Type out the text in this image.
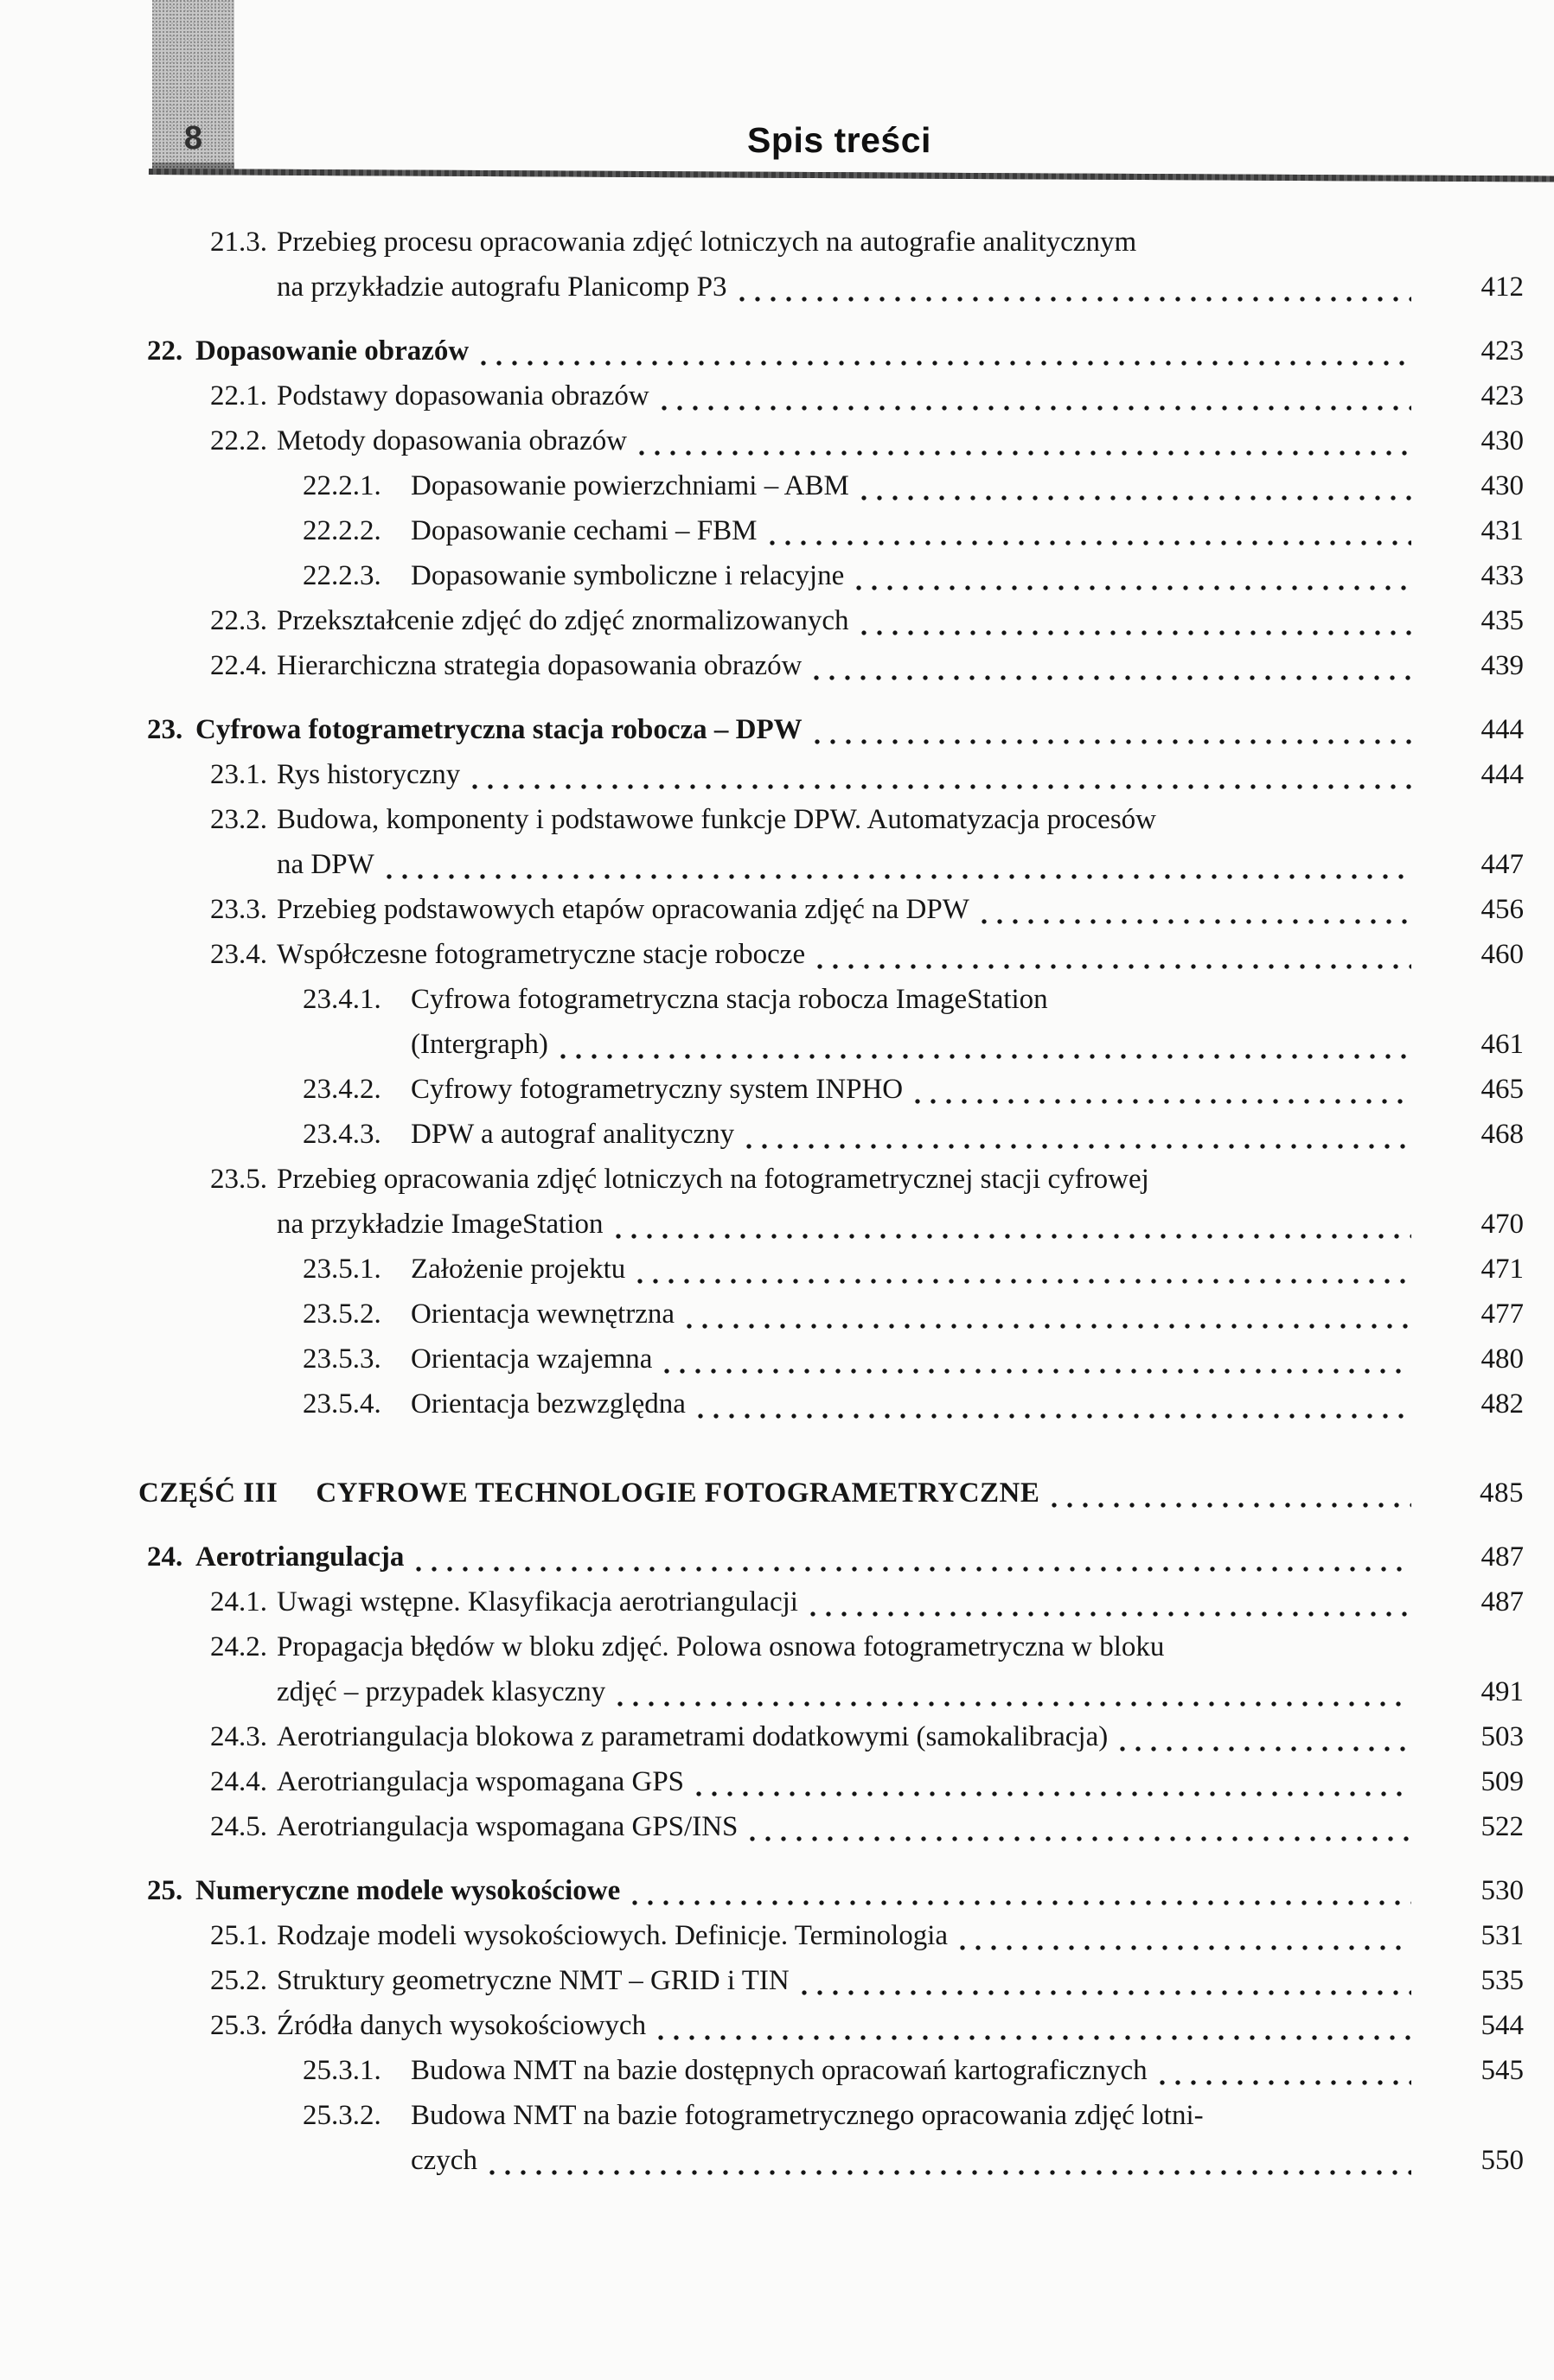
8	Spis treści
21.3. Przebieg procesu opracowania zdjęć lotniczych na autografie analitycznym
na przykładzie autografu Planicomp P3	412
22. Dopasowanie obrazów	423
22.1. Podstawy dopasowania obrazów	423
22.2. Metody dopasowania obrazów	430
22.2.1.	Dopasowanie powierzchniami – ABM	430
22.2.2.	Dopasowanie cechami – FBM	431
22.2.3.	Dopasowanie symboliczne i relacyjne	433
22.3. Przekształcenie zdjęć do zdjęć znormalizowanych	435
22.4. Hierarchiczna strategia dopasowania obrazów	439
23. Cyfrowa fotogrametryczna stacja robocza – DPW	444
23.1. Rys historyczny	444
23.2. Budowa, komponenty i podstawowe funkcje DPW. Automatyzacja procesów
na DPW	447
23.3. Przebieg podstawowych etapów opracowania zdjęć na DPW	456
23.4. Współczesne fotogrametryczne stacje robocze	460
23.4.1.	Cyfrowa fotogrametryczna stacja robocza ImageStation
(Intergraph)	461
23.4.2.	Cyfrowy fotogrametryczny system INPHO	465
23.4.3.	DPW a autograf analityczny	468
23.5. Przebieg opracowania zdjęć lotniczych na fotogrametrycznej stacji cyfrowej
na przykładzie ImageStation	470
23.5.1.	Założenie projektu	471
23.5.2.	Orientacja wewnętrzna	477
23.5.3.	Orientacja wzajemna	480
23.5.4.	Orientacja bezwzględna	482
CZĘŚĆ III CYFROWE TECHNOLOGIE FOTOGRAMETRYCZNE	485
24. Aerotriangulacja	487
24.1. Uwagi wstępne. Klasyfikacja aerotriangulacji	487
24.2. Propagacja błędów w bloku zdjęć. Polowa osnowa fotogrametryczna w bloku
zdjęć – przypadek klasyczny	491
24.3. Aerotriangulacja blokowa z parametrami dodatkowymi (samokalibracja)	503
24.4. Aerotriangulacja wspomagana GPS	509
24.5. Aerotriangulacja wspomagana GPS/INS	522
25. Numeryczne modele wysokościowe	530
25.1. Rodzaje modeli wysokościowych. Definicje. Terminologia	531
25.2. Struktury geometryczne NMT – GRID i TIN	535
25.3. Źródła danych wysokościowych	544
25.3.1.	Budowa NMT na bazie dostępnych opracowań kartograficznych	545
25.3.2.	Budowa NMT na bazie fotogrametrycznego opracowania zdjęć lotni-
czych	550
